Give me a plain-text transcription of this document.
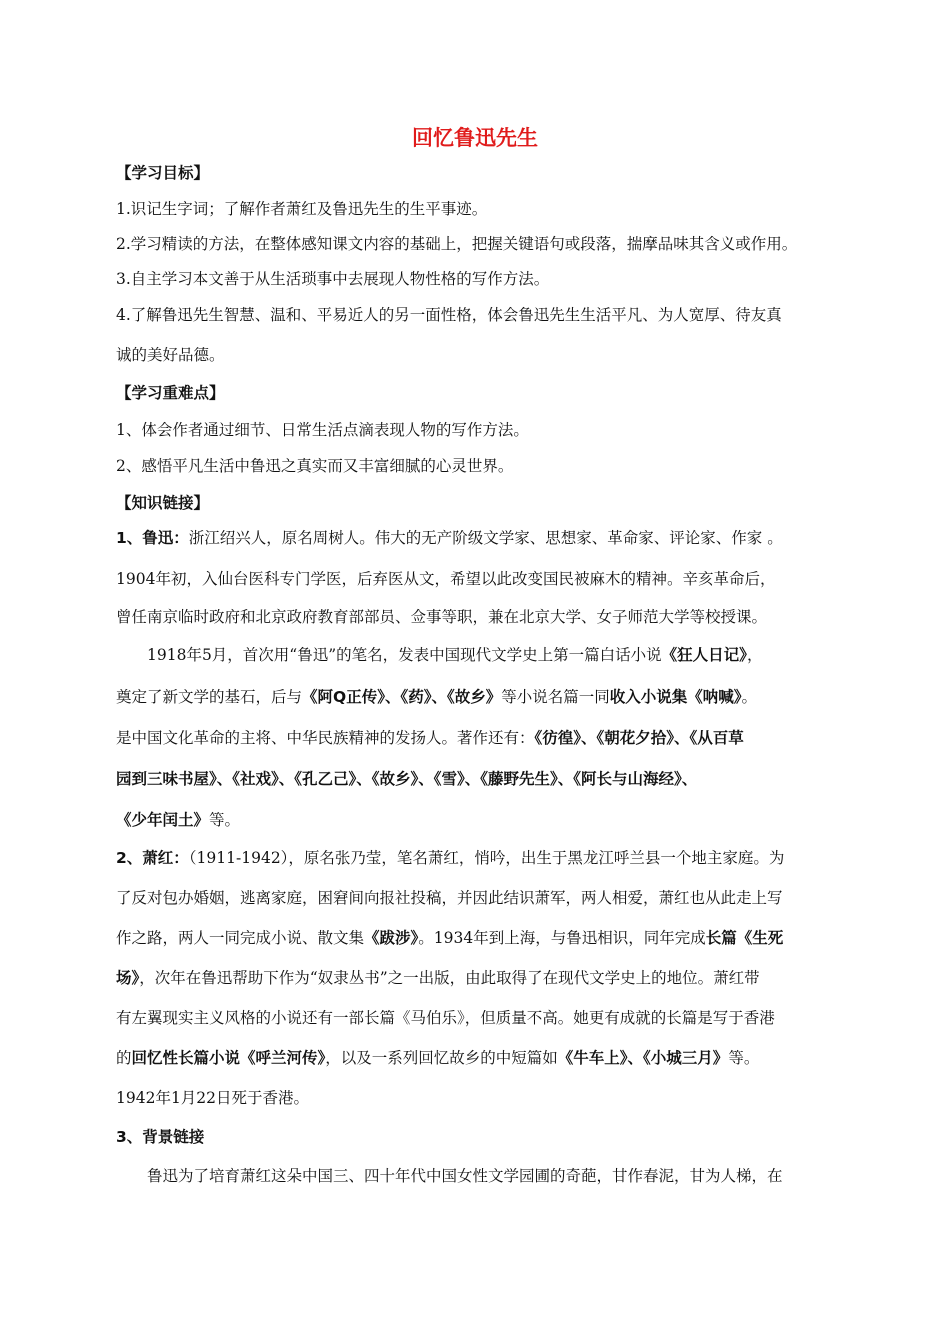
回忆鲁迅先生
【学习目标】
1.识记生字词；了解作者萧红及鲁迅先生的生平事迹。
2.学习精读的方法，在整体感知课文内容的基础上，把握关键语句或段落，揣摩品味其含义或作用。
3.自主学习本文善于从生活琐事中去展现人物性格的写作方法。
4.了解鲁迅先生智慧、温和、平易近人的另一面性格，体会鲁迅先生生活平凡、为人宽厚、待友真
诚的美好品德。
【学习重难点】
1、体会作者通过细节、日常生活点滴表现人物的写作方法。
2、感悟平凡生活中鲁迅之真实而又丰富细腻的心灵世界。
【知识链接】
1、鲁迅：浙江绍兴人，原名周树人。伟大的无产阶级文学家、思想家、革命家、评论家、作家 。
1904年初，入仙台医科专门学医，后弃医从文，希望以此改变国民被麻木的精神。辛亥革命后，
曾任南京临时政府和北京政府教育部部员、佥事等职，兼在北京大学、女子师范大学等校授课。
1918年5月，首次用“鲁迅”的笔名，发表中国现代文学史上第一篇白话小说《狂人日记》，
奠定了新文学的基石，后与《阿Q正传》、《药》、《故乡》等小说名篇一同收入小说集《呐喊》。
是中国文化革命的主将、中华民族精神的发扬人。著作还有：《彷徨》、《朝花夕拾》、《从百草
园到三味书屋》、《社戏》、《孔乙己》、《故乡》、《雪》、《藤野先生》、《阿长与山海经》、
《少年闰土》等。
2、萧红：（1911-1942），原名张乃莹，笔名萧红，悄吟，出生于黑龙江呼兰县一个地主家庭。为
了反对包办婚姻，逃离家庭，困窘间向报社投稿，并因此结识萧军，两人相爱，萧红也从此走上写
作之路，两人一同完成小说、散文集《跋涉》。1934年到上海，与鲁迅相识，同年完成长篇《生死
场》，次年在鲁迅帮助下作为“奴隶丛书”之一出版，由此取得了在现代文学史上的地位。萧红带
有左翼现实主义风格的小说还有一部长篇《马伯乐》，但质量不高。她更有成就的长篇是写于香港
的回忆性长篇小说《呼兰河传》，以及一系列回忆故乡的中短篇如《牛车上》、《小城三月》等。
1942年1月22日死于香港。
3、背景链接
鲁迅为了培育萧红这朵中国三、四十年代中国女性文学园圃的奇葩，甘作春泥，甘为人梯，在
